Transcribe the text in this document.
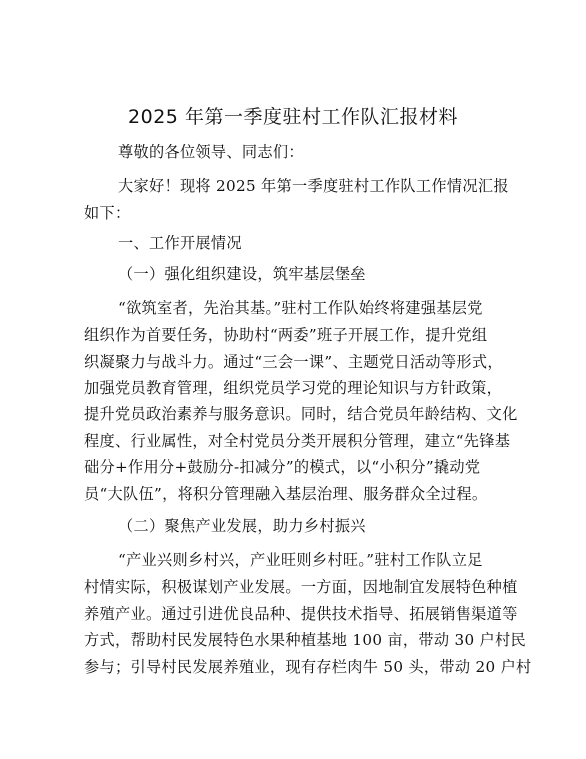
2025 年第一季度驻村工作队汇报材料
尊敬的各位领导、同志们：
大家好！现将 2025 年第一季度驻村工作队工作情况汇报
如下：
一、工作开展情况
（一）强化组织建设，筑牢基层堡垒
“欲筑室者，先治其基。”驻村工作队始终将建强基层党
组织作为首要任务，协助村“两委”班子开展工作，提升党组
织凝聚力与战斗力。通过“三会一课”、主题党日活动等形式，
加强党员教育管理，组织党员学习党的理论知识与方针政策，
提升党员政治素养与服务意识。同时，结合党员年龄结构、文化
程度、行业属性，对全村党员分类开展积分管理，建立“先锋基
础分+作用分+鼓励分-扣减分”的模式，以“小积分”撬动党
员“大队伍”，将积分管理融入基层治理、服务群众全过程。
（二）聚焦产业发展，助力乡村振兴
“产业兴则乡村兴，产业旺则乡村旺。”驻村工作队立足
村情实际，积极谋划产业发展。一方面，因地制宜发展特色种植
养殖产业。通过引进优良品种、提供技术指导、拓展销售渠道等
方式，帮助村民发展特色水果种植基地 100 亩，带动 30 户村民
参与；引导村民发展养殖业，现有存栏肉牛 50 头，带动 20 户村
